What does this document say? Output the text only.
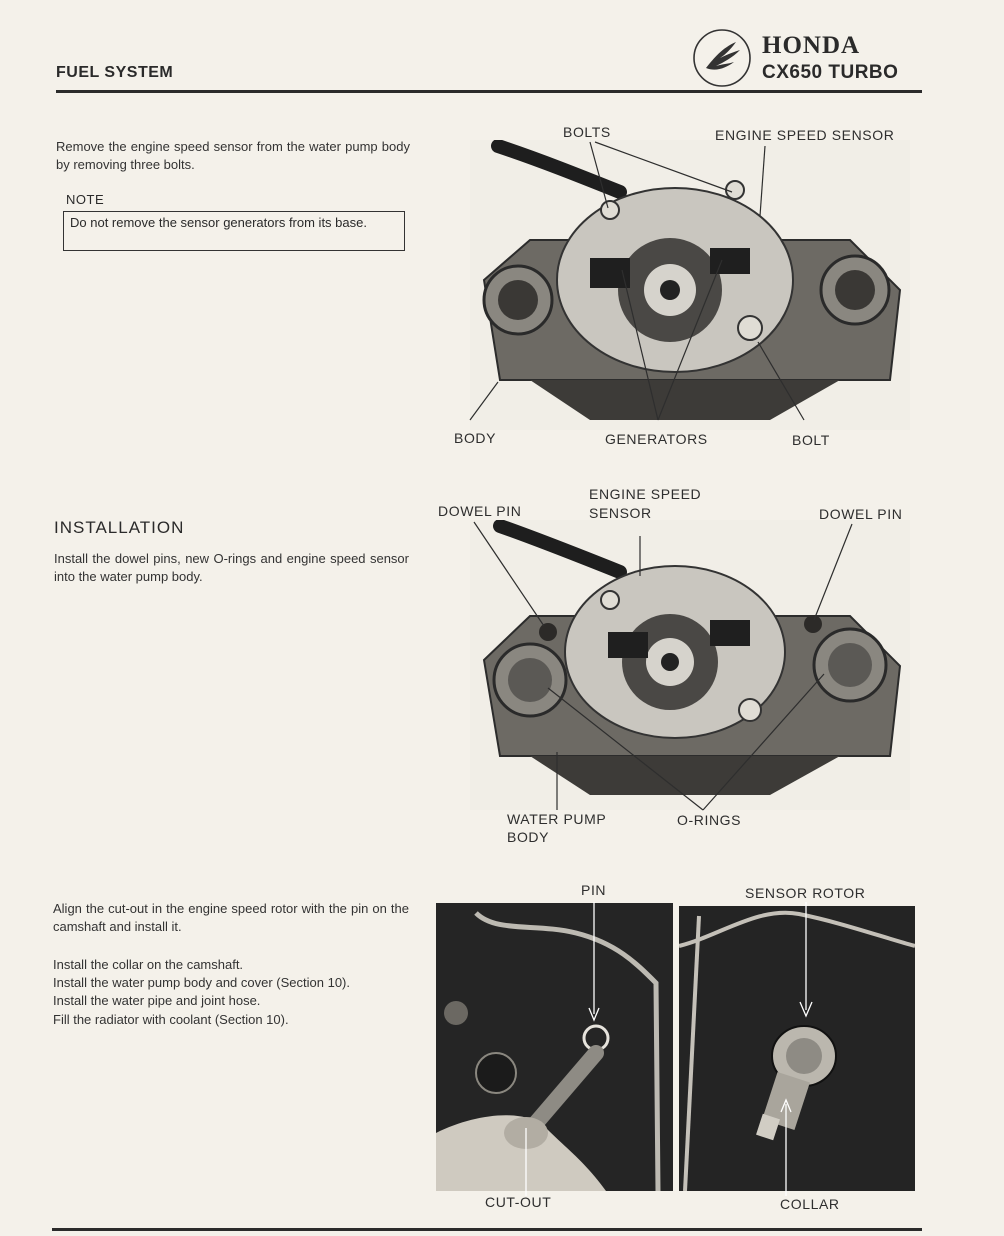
FUEL SYSTEM
HONDA
CX650 TURBO
Remove the engine speed sensor from the water pump body by removing three bolts.
NOTE
Do not remove the sensor generators from its base.
BOLTS	ENGINE SPEED SENSOR
BODY	GENERATORS	BOLT
INSTALLATION
Install the dowel pins, new O-rings and engine speed sensor into the water pump body.
DOWEL PIN
ENGINE SPEED
SENSOR	DOWEL PIN
WATER PUMP
BODY
O-RINGS
Align the cut-out in the engine speed rotor with the pin on the camshaft and install it.
Install the collar on the camshaft.
Install the water pump body and cover (Section 10).
Install the water pipe and joint hose.
Fill the radiator with coolant (Section 10).
PIN	SENSOR ROTOR
CUT-OUT	COLLAR
